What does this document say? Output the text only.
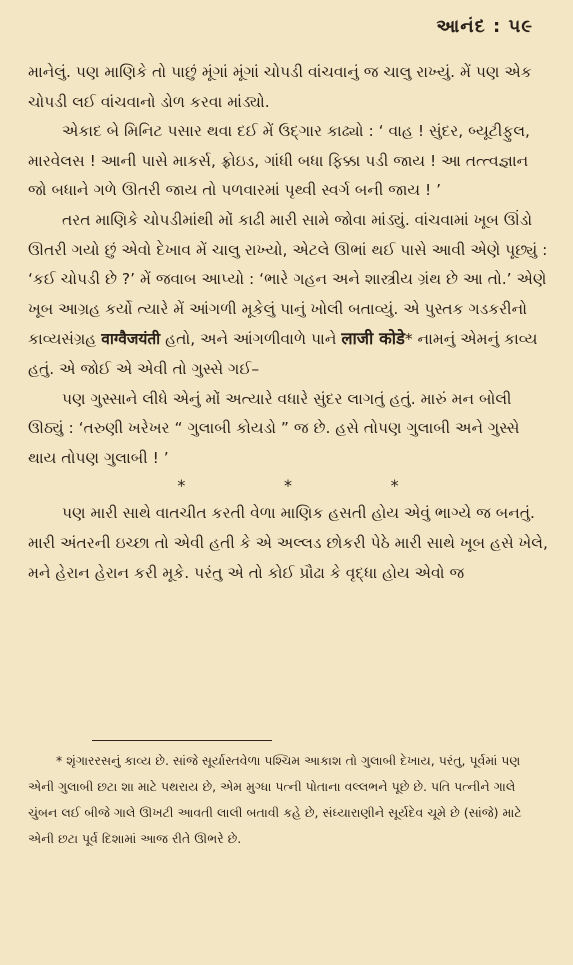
આનંદ : ૫૯

માનેલું. પણ માણિકે તો પાછું મૂંગાં મૂંગાં ચોપડી વાંચવાનું જ ચાલુ રાખ્યું. મેં પણ એક ચોપડી લઈ વાંચવાનો ડોળ કરવા માંડ્યો.

એકાદ બે મિનિટ પસાર થવા દઈ મેં ઉદ્ગાર કાઢ્યો : ‘ વાહ ! સુંદર, બ્યૂટીફુલ, મારવેલસ ! આની પાસે માકર્સ, ફ્રોઇડ, ગાંધી બધા ફિક્કા પડી જાય ! આ તત્ત્વજ્ઞાન જો બધાને ગળે ઊતરી જાય તો પળવારમાં પૃથ્વી સ્વર્ગ બની જાય ! ’

તરત માણિકે ચોપડીમાંથી મોં કાઢી મારી સામે જોવા માંડ્યું. વાંચવામાં ખૂબ ઊંડો ઊતરી ગયો છું એવો દેખાવ મેં ચાલુ રાખ્યો, એટલે ઊભાં થઈ પાસે આવી એણે પૂછ્યું : ‘કઈ ચોપડી છે ?’ મેં જવાબ આપ્યો : ‘ભારે ગહન અને શાસ્ત્રીય ગ્રંથ છે આ તો.’ એણે ખૂબ આગ્રહ કર્યો ત્યારે મેં આંગળી મૂકેલું પાનું ખોલી બતાવ્યું. એ પુસ્તક ગડકરીનો કાવ્યસંગ્રહ वाग्वैजयंती હતો, અને આંગળીવાળે પાને लाजी कोडे* નામનું એમનું કાવ્ય હતું. એ જોઈ એ એવી તો ગુસ્સે ગઈ–

પણ ગુસ્સાને લીધે એનું મોં અત્યારે વધારે સુંદર લાગતું હતું. મારું મન બોલી ઊઠ્યું : ‘તરુણી ખરેખર “ ગુલાબી કોયડો ” જ છે. હસે તોપણ ગુલાબી અને ગુસ્સે થાય તોપણ ગુલાબી ! ’

*	*	*

પણ મારી સાથે વાતચીત કરતી વેળા માણિક હસતી હોય એવું ભાગ્યે જ બનતું. મારી અંતરની ઇચ્છા તો એવી હતી કે એ અલ્લડ છોકરી પેઠે મારી સાથે ખૂબ હસે ખેલે, મને હેરાન હેરાન કરી મૂકે. પરંતુ એ તો કોઈ પ્રૌઢા કે વૃદ્ધા હોય એવો જ

* શૃંગારરસનું કાવ્ય છે. સાંજે સૂર્યાસ્તવેળા પશ્ચિમ આકાશ તો ગુલાબી દેખાય, પરંતુ, પૂર્વમાં પણ એની ગુલાબી છટા શા માટે પથરાય છે, એમ મુગ્ધા પત્ની પોતાના વલ્લભને પૂછે છે. પતિ પત્નીને ગાલે ચુંબન લઈ બીજે ગાલે ઊખટી આવતી લાલી બતાવી કહે છે, સંધ્યારાણીને સૂર્યદેવ ચૂમે છે (સાંજે) માટે એની છટા પૂર્વ દિશામાં આજ રીતે ઊભરે છે.
